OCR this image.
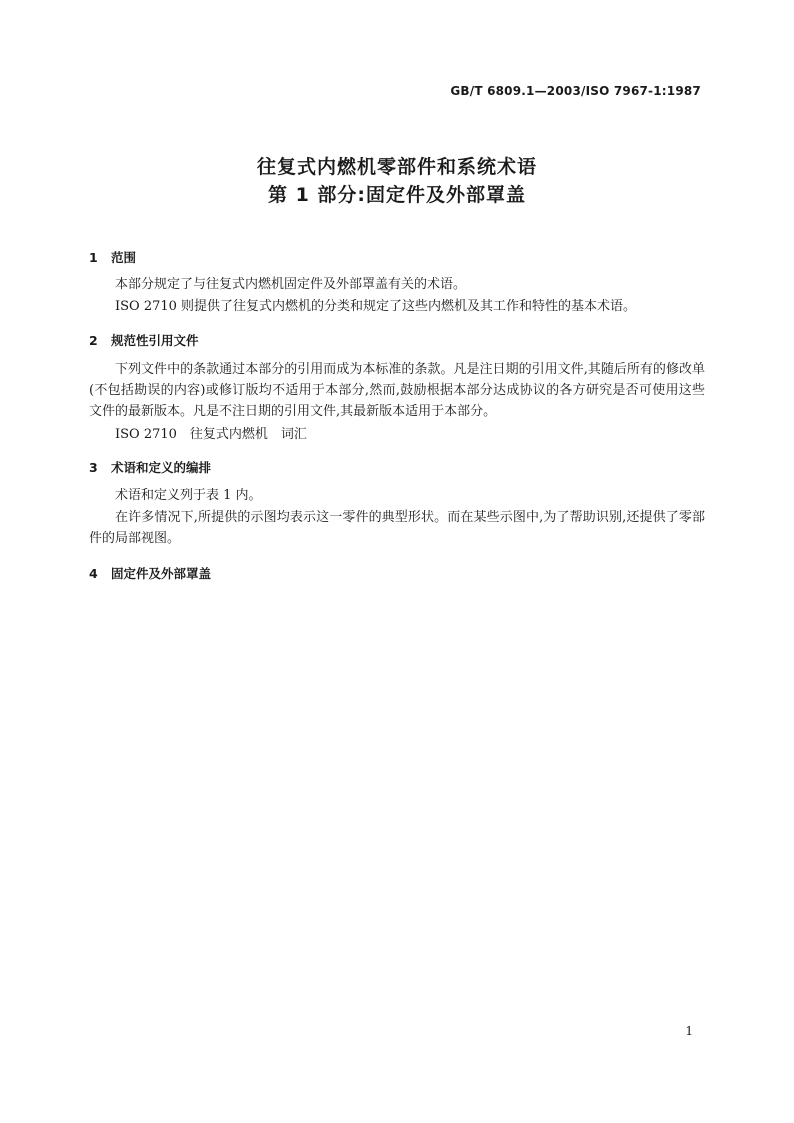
GB/T 6809.1—2003/ISO 7967-1:1987
往复式内燃机零部件和系统术语
第 1 部分:固定件及外部罩盖
1 范围
本部分规定了与往复式内燃机固定件及外部罩盖有关的术语。
ISO 2710 则提供了往复式内燃机的分类和规定了这些内燃机及其工作和特性的基本术语。
2 规范性引用文件
下列文件中的条款通过本部分的引用而成为本标准的条款。凡是注日期的引用文件,其随后所有的修改单(不包括勘误的内容)或修订版均不适用于本部分,然而,鼓励根据本部分达成协议的各方研究是否可使用这些文件的最新版本。凡是不注日期的引用文件,其最新版本适用于本部分。
ISO 2710　往复式内燃机　词汇
3 术语和定义的编排
术语和定义列于表 1 内。
在许多情况下,所提供的示图均表示这一零件的典型形状。而在某些示图中,为了帮助识别,还提供了零部件的局部视图。
4 固定件及外部罩盖
1
